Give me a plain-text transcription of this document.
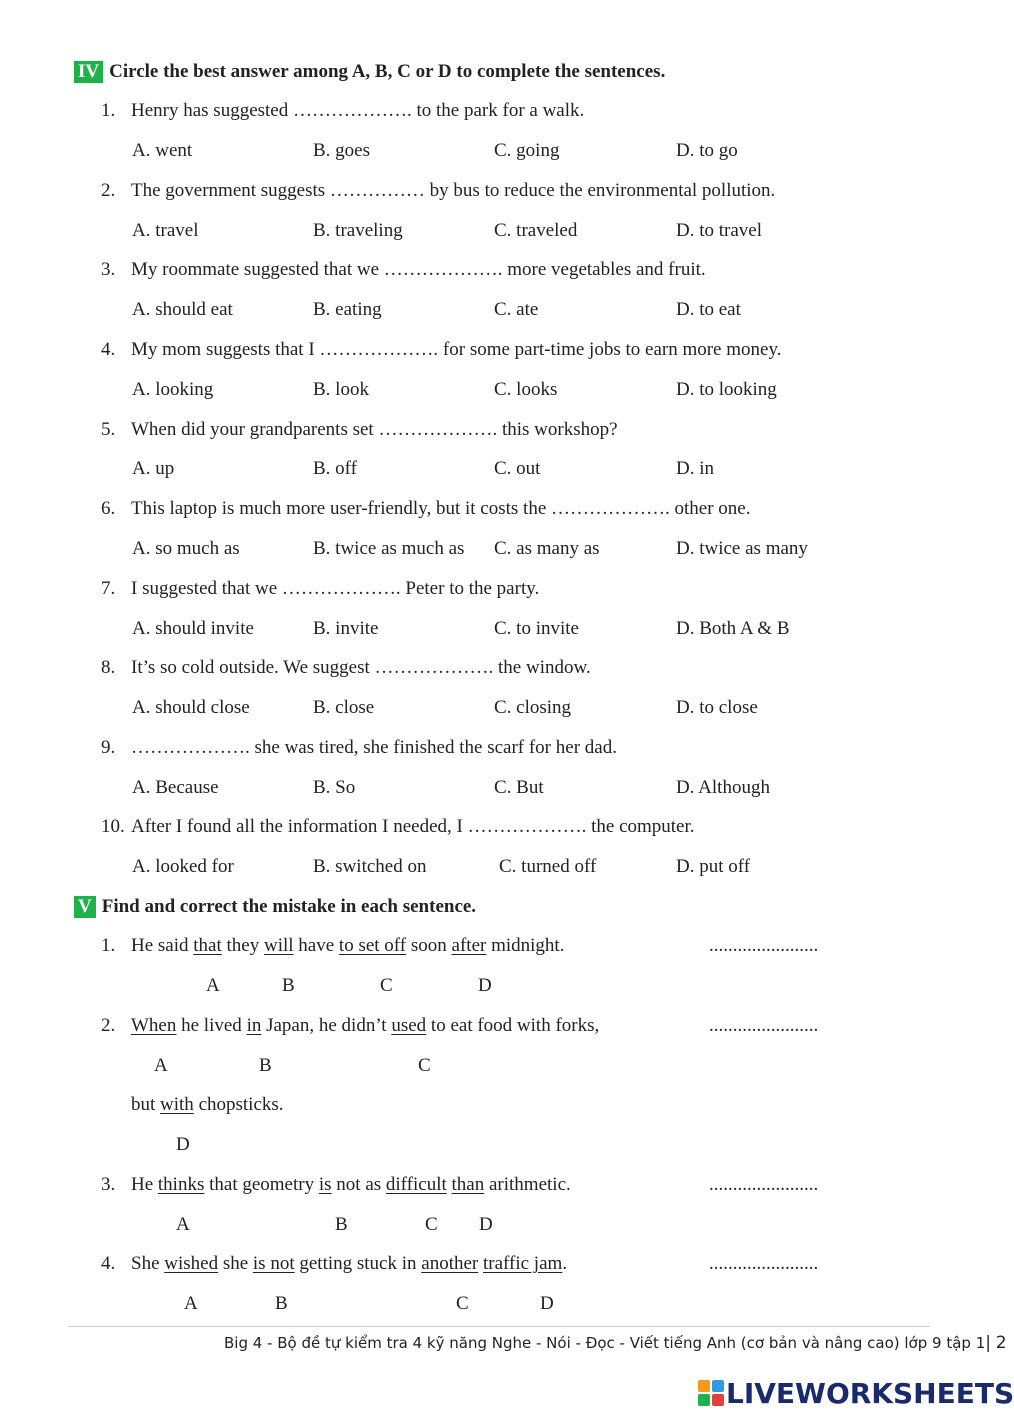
IV Circle the best answer among A, B, C or D to complete the sentences.
1. Henry has suggested ………………. to the park for a walk.
A. went	B. goes	C. going	D. to go
2. The government suggests …………… by bus to reduce the environmental pollution.
A. travel	B. traveling	C. traveled	D. to travel
3. My roommate suggested that we ………………. more vegetables and fruit.
A. should eat	B. eating	C. ate	D. to eat
4. My mom suggests that I ………………. for some part-time jobs to earn more money.
A. looking	B. look	C. looks	D. to looking
5. When did your grandparents set ………………. this workshop?
A. up	B. off	C. out	D. in
6. This laptop is much more user-friendly, but it costs the ………………. other one.
A. so much as	B. twice as much as C. as many as	D. twice as many
7. I suggested that we ………………. Peter to the party.
A. should invite	B. invite	C. to invite	D. Both A & B
8. It’s so cold outside. We suggest ………………. the window.
A. should close	B. close	C. closing	D. to close
9. ………………. she was tired, she finished the scarf for her dad.
A. Because	B. So	C. But	D. Although
10. After I found all the information I needed, I ………………. the computer.
A. looked for	B. switched on	C. turned off	D. put off
V Find and correct the mistake in each sentence.
1. He said that they will have to set off soon after midnight.	.......................
A	B	C	D
2. When he lived in Japan, he didn’t used to eat food with forks,	.......................
A	B	C
but with chopsticks.
D
3. He thinks that geometry is not as difficult than arithmetic.	.......................
A	B	C D
4. She wished she is not getting stuck in another traffic jam.	.......................
A	B	C	D
Big 4 - Bộ đề tự kiểm tra 4 kỹ năng Nghe - Nói - Đọc - Viết tiếng Anh (cơ bản và nâng cao) lớp 9 tập 1| 2
LIVEWORKSHEETS
